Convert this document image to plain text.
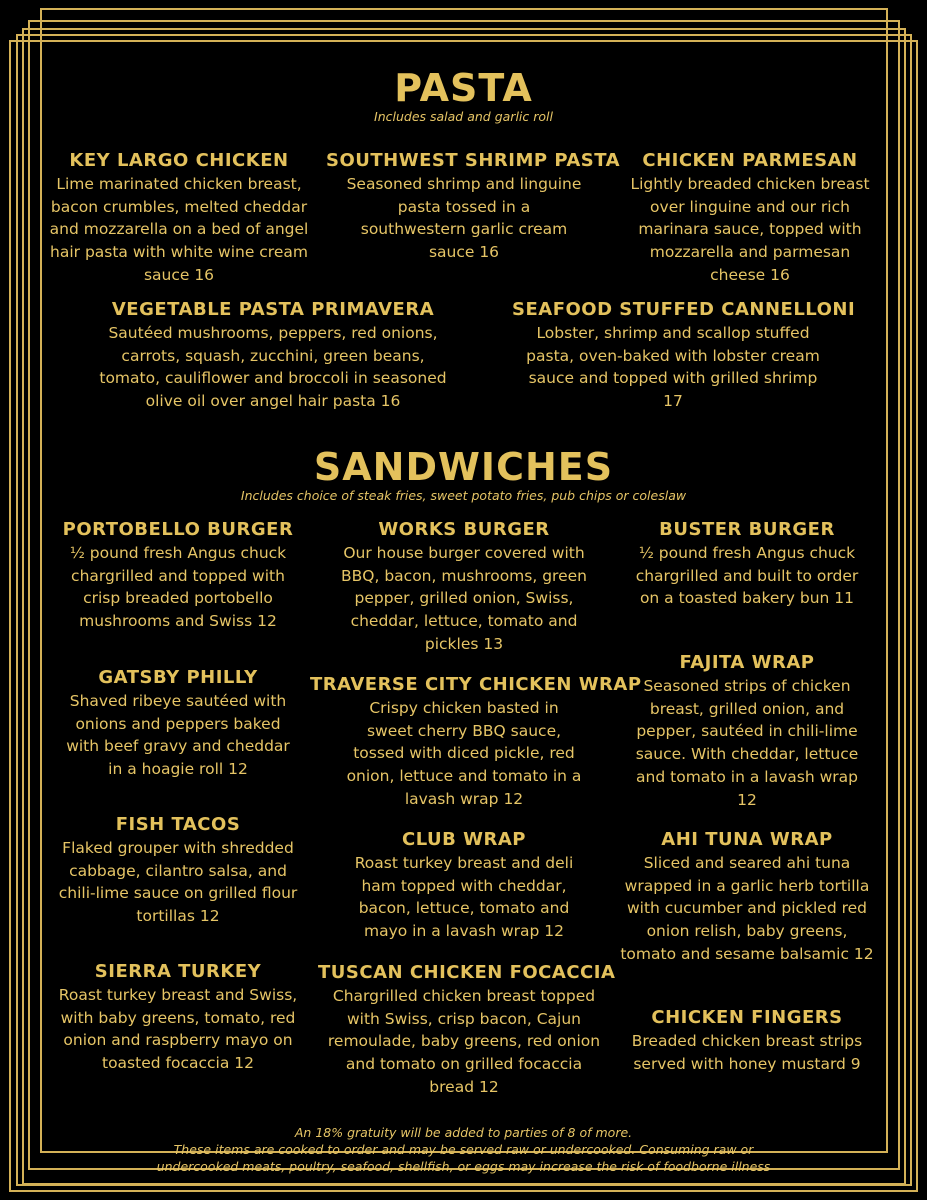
PASTA
Includes salad and garlic roll
KEY LARGO CHICKEN
Lime marinated chicken breast, bacon crumbles, melted cheddar and mozzarella on a bed of angel hair pasta with white wine cream sauce 16
SOUTHWEST SHRIMP PASTA
Seasoned shrimp and linguine pasta tossed in a southwestern garlic cream sauce 16
CHICKEN PARMESAN
Lightly breaded chicken breast over linguine and our rich marinara sauce, topped with mozzarella and parmesan cheese 16
VEGETABLE PASTA PRIMAVERA
Sautéed mushrooms, peppers, red onions, carrots, squash, zucchini, green beans, tomato, cauliflower and broccoli in seasoned olive oil over angel hair pasta 16
SEAFOOD STUFFED CANNELLONI
Lobster, shrimp and scallop stuffed pasta, oven-baked with lobster cream sauce and topped with grilled shrimp 17
SANDWICHES
Includes choice of steak fries, sweet potato fries, pub chips or coleslaw
PORTOBELLO BURGER
½ pound fresh Angus chuck chargrilled and topped with crisp breaded portobello mushrooms and Swiss 12
GATSBY PHILLY
Shaved ribeye sautéed with onions and peppers baked with beef gravy and cheddar in a hoagie roll 12
FISH TACOS
Flaked grouper with shredded cabbage, cilantro salsa, and chili-lime sauce on grilled flour tortillas 12
SIERRA TURKEY
Roast turkey breast and Swiss, with baby greens, tomato, red onion and raspberry mayo on toasted focaccia 12
WORKS BURGER
Our house burger covered with BBQ, bacon, mushrooms, green pepper, grilled onion, Swiss, cheddar, lettuce, tomato and pickles 13
TRAVERSE CITY CHICKEN WRAP
Crispy chicken basted in sweet cherry BBQ sauce, tossed with diced pickle, red onion, lettuce and tomato in a lavash wrap 12
CLUB WRAP
Roast turkey breast and deli ham topped with cheddar, bacon, lettuce, tomato and mayo in a lavash wrap 12
TUSCAN CHICKEN FOCACCIA
Chargrilled chicken breast topped with Swiss, crisp bacon, Cajun remoulade, baby greens, red onion and tomato on grilled focaccia bread 12
BUSTER BURGER
½ pound fresh Angus chuck chargrilled and built to order on a toasted bakery bun 11
FAJITA WRAP
Seasoned strips of chicken breast, grilled onion, and pepper, sautéed in chili-lime sauce. With cheddar, lettuce and tomato in a lavash wrap 12
AHI TUNA WRAP
Sliced and seared ahi tuna wrapped in a garlic herb tortilla with cucumber and pickled red onion relish, baby greens, tomato and sesame balsamic 12
CHICKEN FINGERS
Breaded chicken breast strips served with honey mustard 9
An 18% gratuity will be added to parties of 8 of more.
These items are cooked to order and may be served raw or undercooked. Consuming raw or
undercooked meats, poultry, seafood, shellfish, or eggs may increase the risk of foodborne illness
